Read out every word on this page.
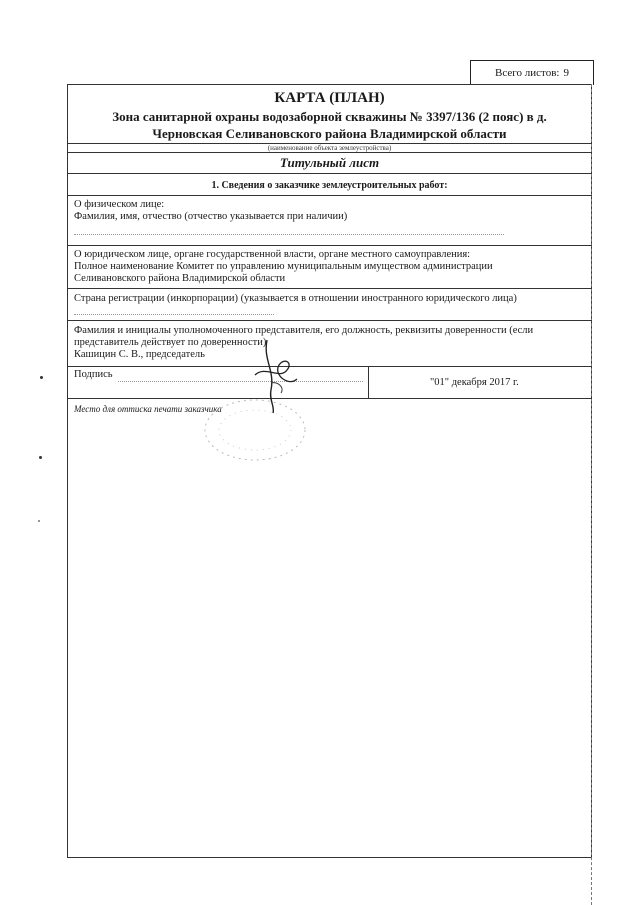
Всего листов: 9
КАРТА (ПЛАН)
Зона санитарной охраны водозаборной скважины № 3397/136 (2 пояс) в д.
Черновская Селивановского района Владимирской области
(наименование объекта землеустройства)
Титульный лист
1. Сведения о заказчике землеустроительных работ:
О физическом лице:
Фамилия, имя, отчество (отчество указывается при наличии)
О юридическом лице, органе государственной власти, органе местного самоуправления:
Полное наименование Комитет по управлению муниципальным имуществом администрации
Селивановского района Владимирской области
Страна регистрации (инкорпорации) (указывается в отношении иностранного юридического лица)
Фамилия и инициалы уполномоченного представителя, его должность, реквизиты доверенности (если
представитель действует по доверенности)
Кашицин С. В., председатель
Подпись
"01" декабря 2017 г.
Место для оттиска печати заказчика
